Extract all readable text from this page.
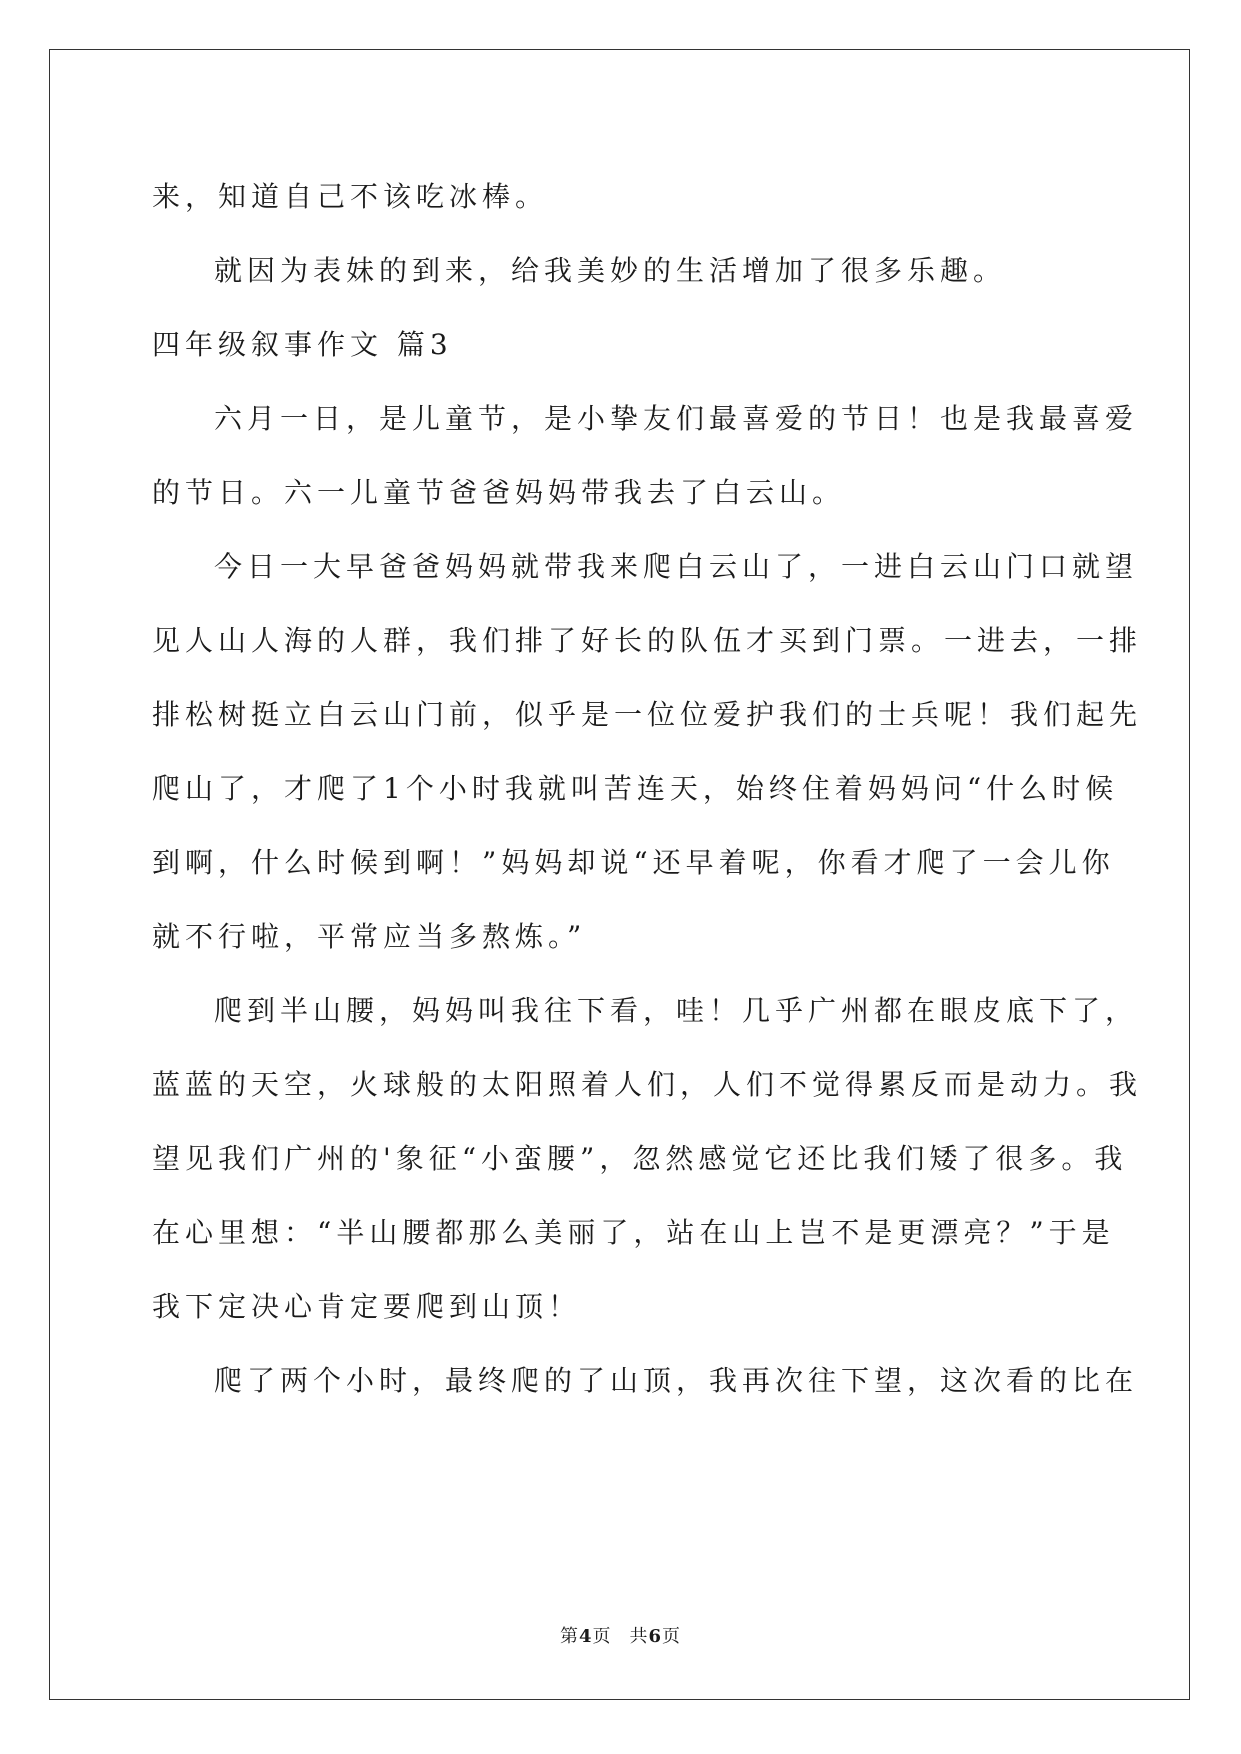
来，知道自己不该吃冰棒。
就因为表妹的到来，给我美妙的生活增加了很多乐趣。
四年级叙事作文 篇3
六月一日，是儿童节，是小挚友们最喜爱的节日！也是我最喜爱
的节日。六一儿童节爸爸妈妈带我去了白云山。
今日一大早爸爸妈妈就带我来爬白云山了，一进白云山门口就望
见人山人海的人群，我们排了好长的队伍才买到门票。一进去，一排
排松树挺立白云山门前，似乎是一位位爱护我们的士兵呢！我们起先
爬山了，才爬了1个小时我就叫苦连天，始终住着妈妈问“什么时候
到啊，什么时候到啊！”妈妈却说“还早着呢，你看才爬了一会儿你
就不行啦，平常应当多熬炼。”
爬到半山腰，妈妈叫我往下看，哇！几乎广州都在眼皮底下了，
蓝蓝的天空，火球般的太阳照着人们，人们不觉得累反而是动力。我
望见我们广州的'象征“小蛮腰”，忽然感觉它还比我们矮了很多。我
在心里想：“半山腰都那么美丽了，站在山上岂不是更漂亮？”于是
我下定决心肯定要爬到山顶！
爬了两个小时，最终爬的了山顶，我再次往下望，这次看的比在
第4页 共6页
